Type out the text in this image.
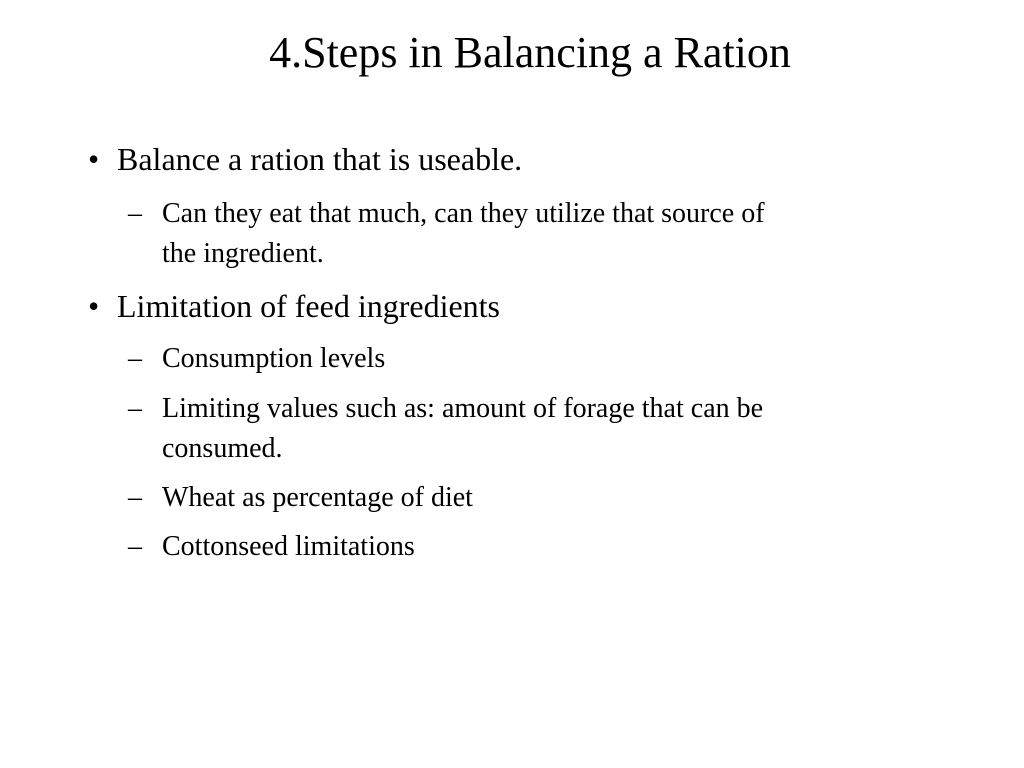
4.Steps in Balancing a Ration
• Balance a ration that is useable.
– Can they eat that much, can they utilize that source of
the ingredient.
• Limitation of feed ingredients
– Consumption levels
– Limiting values such as: amount of forage that can be
consumed.
– Wheat as percentage of diet
– Cottonseed limitations
